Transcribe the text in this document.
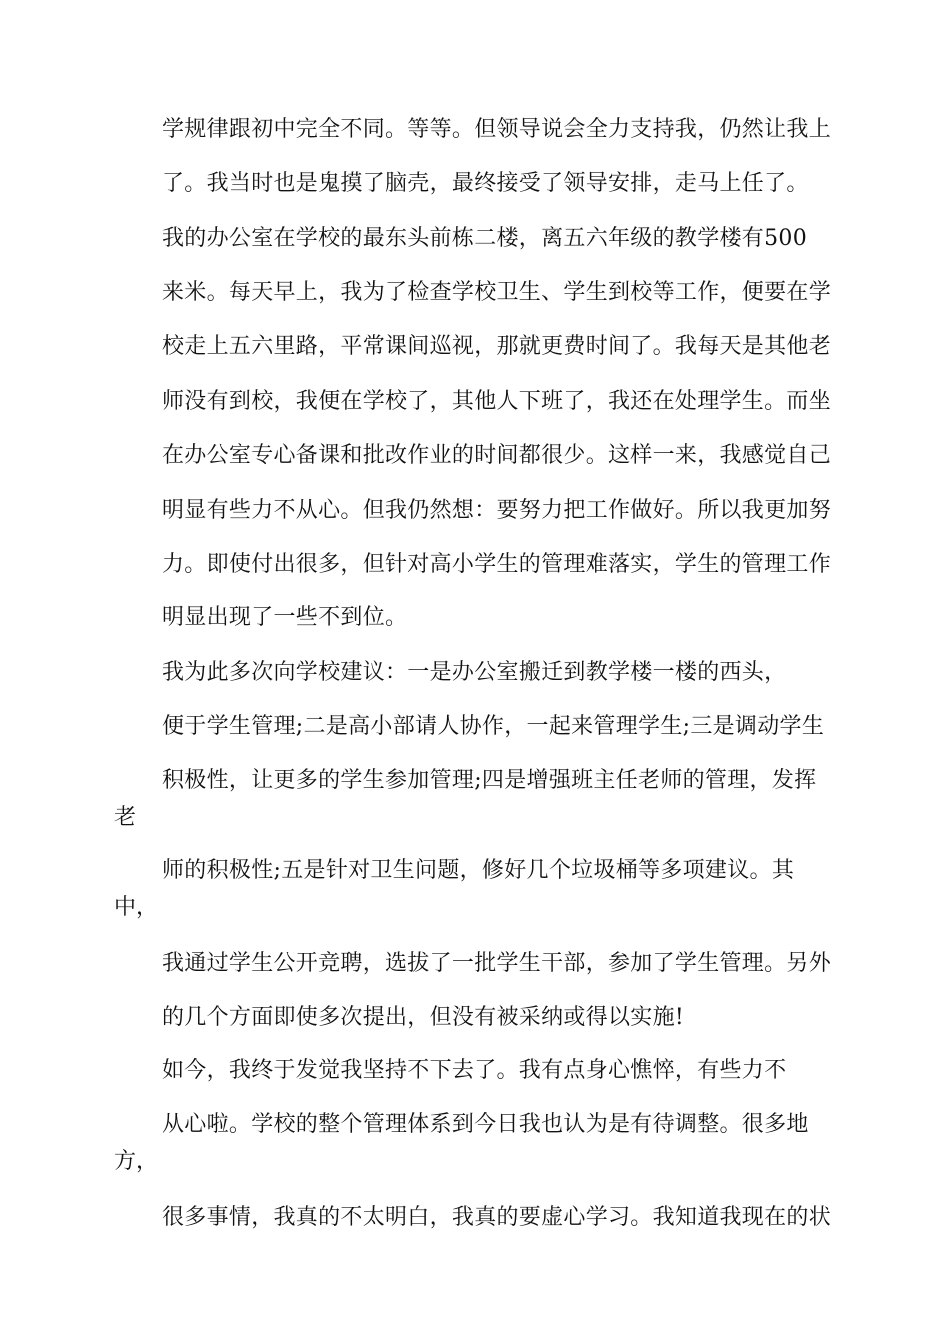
学规律跟初中完全不同。等等。但领导说会全力支持我，仍然让我上
了。我当时也是鬼摸了脑壳，最终接受了领导安排，走马上任了。
我的办公室在学校的最东头前栋二楼，离五六年级的教学楼有500
来米。每天早上，我为了检查学校卫生、学生到校等工作，便要在学
校走上五六里路，平常课间巡视，那就更费时间了。我每天是其他老
师没有到校，我便在学校了，其他人下班了，我还在处理学生。而坐
在办公室专心备课和批改作业的时间都很少。这样一来，我感觉自己
明显有些力不从心。但我仍然想：要努力把工作做好。所以我更加努
力。即使付出很多，但针对高小学生的管理难落实，学生的管理工作
明显出现了一些不到位。
我为此多次向学校建议：一是办公室搬迁到教学楼一楼的西头，
便于学生管理;二是高小部请人协作，一起来管理学生;三是调动学生
积极性，让更多的学生参加管理;四是增强班主任老师的管理，发挥
老
师的积极性;五是针对卫生问题，修好几个垃圾桶等多项建议。其
中，
我通过学生公开竞聘，选拔了一批学生干部，参加了学生管理。另外
的几个方面即使多次提出，但没有被采纳或得以实施!
如今，我终于发觉我坚持不下去了。我有点身心憔悴，有些力不
从心啦。学校的整个管理体系到今日我也认为是有待调整。很多地
方，
很多事情，我真的不太明白，我真的要虚心学习。我知道我现在的状
